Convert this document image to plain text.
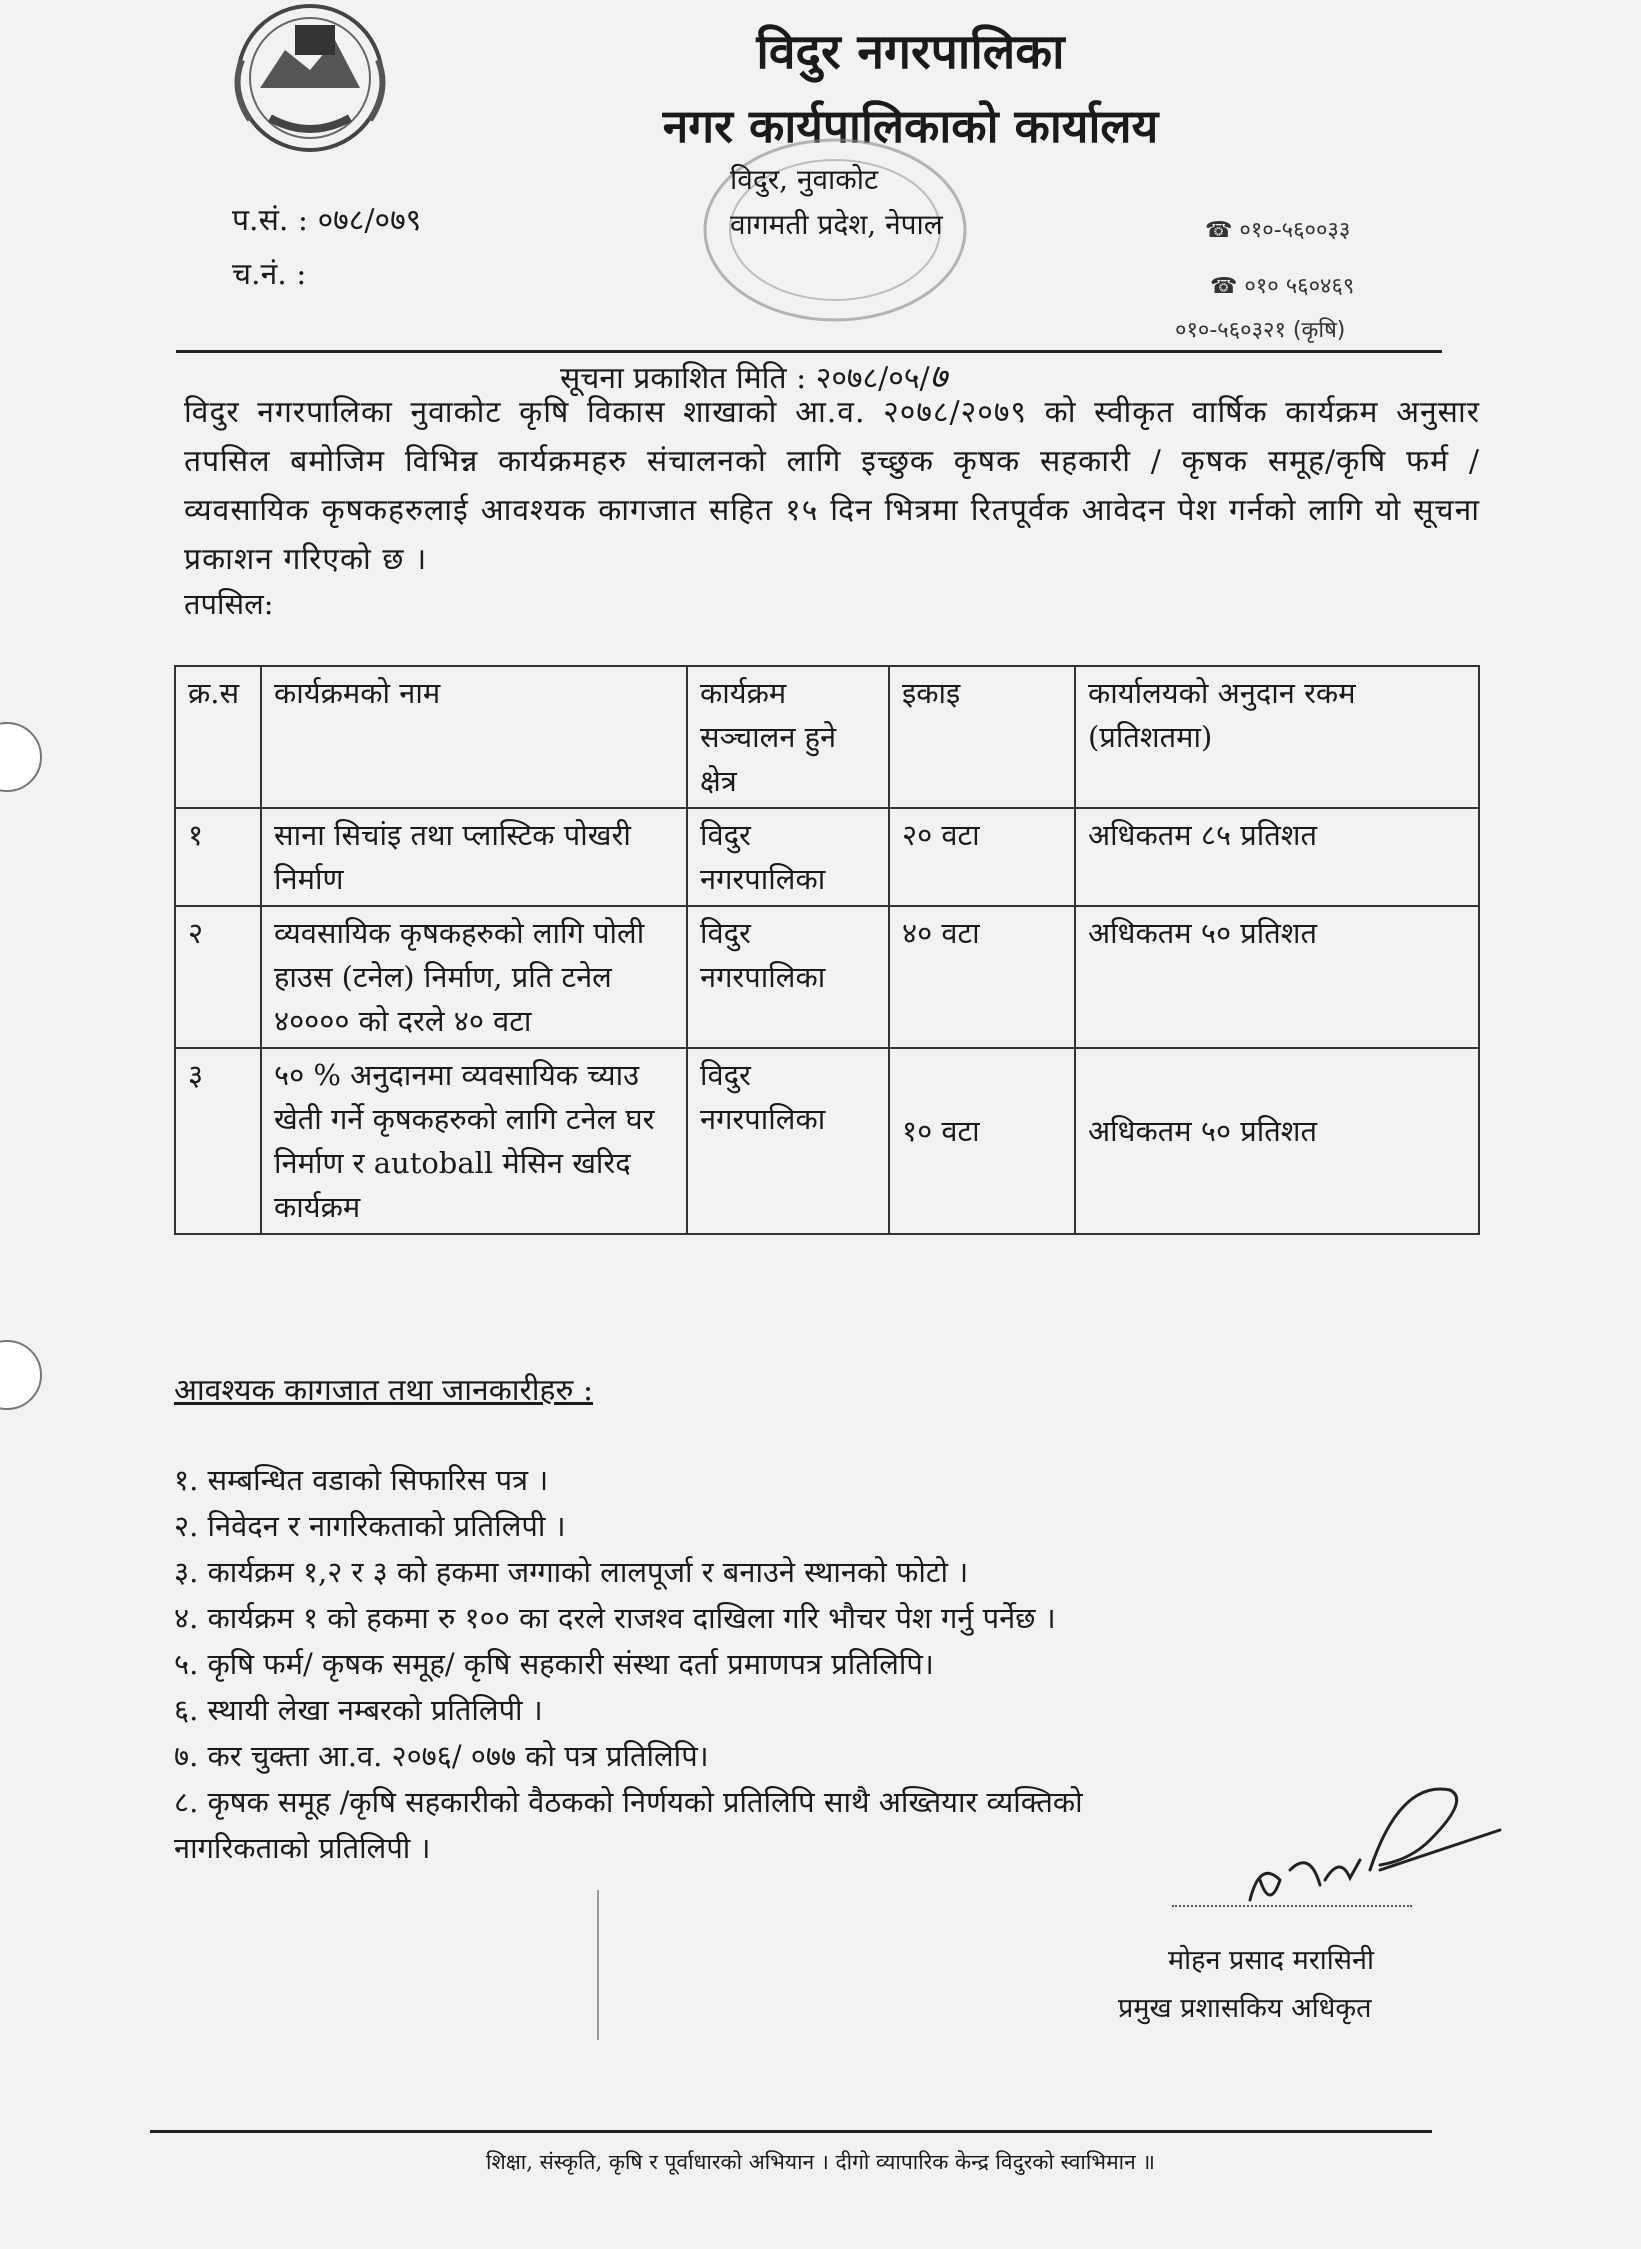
विदुर नगरपालिका
नगर कार्यपालिकाको कार्यालय
विदुर, नुवाकोट
वागमती प्रदेश, नेपाल
प.सं. : ०७८/०७९
च.नं. :
☎ ०१०-५६००३३
☎ ०१० ५६०४६९
०१०-५६०३२१ (कृषि)
सूचना प्रकाशित मिति : २०७८/०५/७
विदुर नगरपालिका नुवाकोट कृषि विकास शाखाको आ.व. २०७८/२०७९ को स्वीकृत वार्षिक कार्यक्रम अनुसार तपसिल बमोजिम विभिन्न कार्यक्रमहरु संचालनको लागि इच्छुक कृषक सहकारी / कृषक समूह/कृषि फर्म / व्यवसायिक कृषकहरुलाई आवश्यक कागजात सहित १५ दिन भित्रमा रितपूर्वक आवेदन पेश गर्नको लागि यो सूचना प्रकाशन गरिएको छ ।
तपसिल:
क्र.स	कार्यक्रमको नाम	कार्यक्रम सञ्चालन हुने क्षेत्र	इकाइ	कार्यालयको अनुदान रकम (प्रतिशतमा)
१	साना सिचांइ तथा प्लास्टिक पोखरी निर्माण	विदुर नगरपालिका	२० वटा	अधिकतम ८५ प्रतिशत
२	व्यवसायिक कृषकहरुको लागि पोली हाउस (टनेल) निर्माण, प्रति टनेल ४०००० को दरले ४० वटा	विदुर नगरपालिका	४० वटा	अधिकतम ५० प्रतिशत
३	५० % अनुदानमा व्यवसायिक च्याउ खेती गर्ने कृषकहरुको लागि टनेल घर निर्माण र autoball मेसिन खरिद कार्यक्रम	विदुर नगरपालिका	१० वटा	अधिकतम ५० प्रतिशत
आवश्यक कागजात तथा जानकारीहरु :
१. सम्बन्धित वडाको सिफारिस पत्र ।
२. निवेदन र नागरिकताको प्रतिलिपी ।
३. कार्यक्रम १,२ र ३ को हकमा जग्गाको लालपूर्जा र बनाउने स्थानको फोटो ।
४. कार्यक्रम १ को हकमा रु १०० का दरले राजश्व दाखिला गरि भौचर पेश गर्नु पर्नेछ ।
५. कृषि फर्म/ कृषक समूह/ कृषि सहकारी संस्था दर्ता प्रमाणपत्र प्रतिलिपि।
६. स्थायी लेखा नम्बरको प्रतिलिपी ।
७. कर चुक्ता आ.व. २०७६/ ०७७ को पत्र प्रतिलिपि।
८. कृषक समूह /कृषि सहकारीको वैठकको निर्णयको प्रतिलिपि साथै अख्तियार व्यक्तिको
नागरिकताको प्रतिलिपी ।
मोहन प्रसाद मरासिनी
प्रमुख प्रशासकिय अधिकृत
शिक्षा, संस्कृति, कृषि र पूर्वाधारको अभियान । दीगो व्यापारिक केन्द्र विदुरको स्वाभिमान ॥
